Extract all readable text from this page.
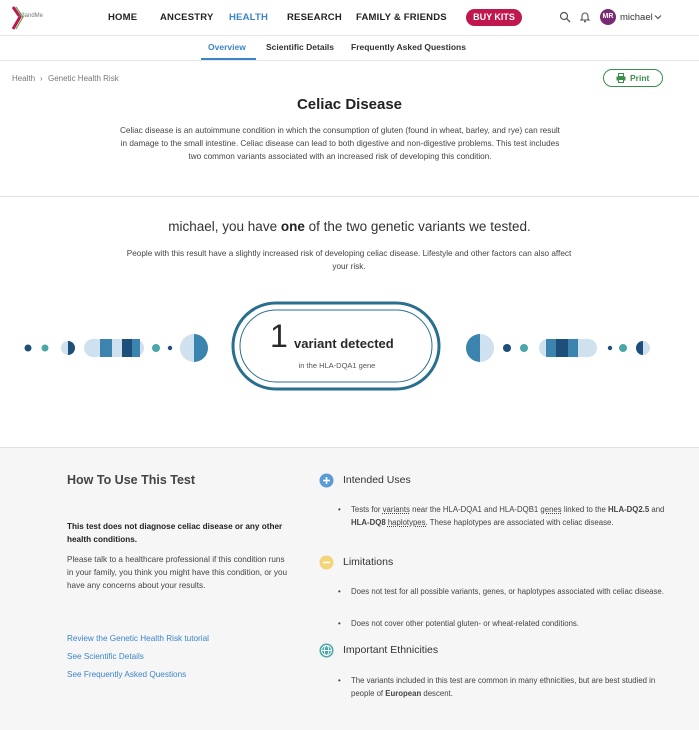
23andMe	HOME ANCESTRY HEALTH RESEARCH FAMILY & FRIENDS	BUY KITS	MR michael
Overview Scientific Details Frequently Asked Questions
Health › Genetic Health Risk	Print
Celiac Disease

Celiac disease is an autoimmune condition in which the consumption of gluten (found in wheat, barley, and rye) can result in damage to the small intestine. Celiac disease can lead to both digestive and non-digestive problems. This test includes two common variants associated with an increased risk of developing this condition.

michael, you have one of the two genetic variants we tested.

People with this result have a slightly increased risk of developing celiac disease. Lifestyle and other factors can also affect your risk.

1 variant detected
in the HLA-DQA1 gene
How To Use This Test

This test does not diagnose celiac disease or any other health conditions.

Please talk to a healthcare professional if this condition runs in your family, you think you might have this condition, or you have any concerns about your results.

Review the Genetic Health Risk tutorial
See Scientific Details
See Frequently Asked Questions
Intended Uses
• Tests for variants near the HLA-DQA1 and HLA-DQB1 genes linked to the HLA-DQ2.5 and HLA-DQ8 haplotypes. These haplotypes are associated with celiac disease.
Limitations
• Does not test for all possible variants, genes, or haplotypes associated with celiac disease.
• Does not cover other potential gluten- or wheat-related conditions.
Important Ethnicities
• The variants included in this test are common in many ethnicities, but are best studied in people of European descent.
